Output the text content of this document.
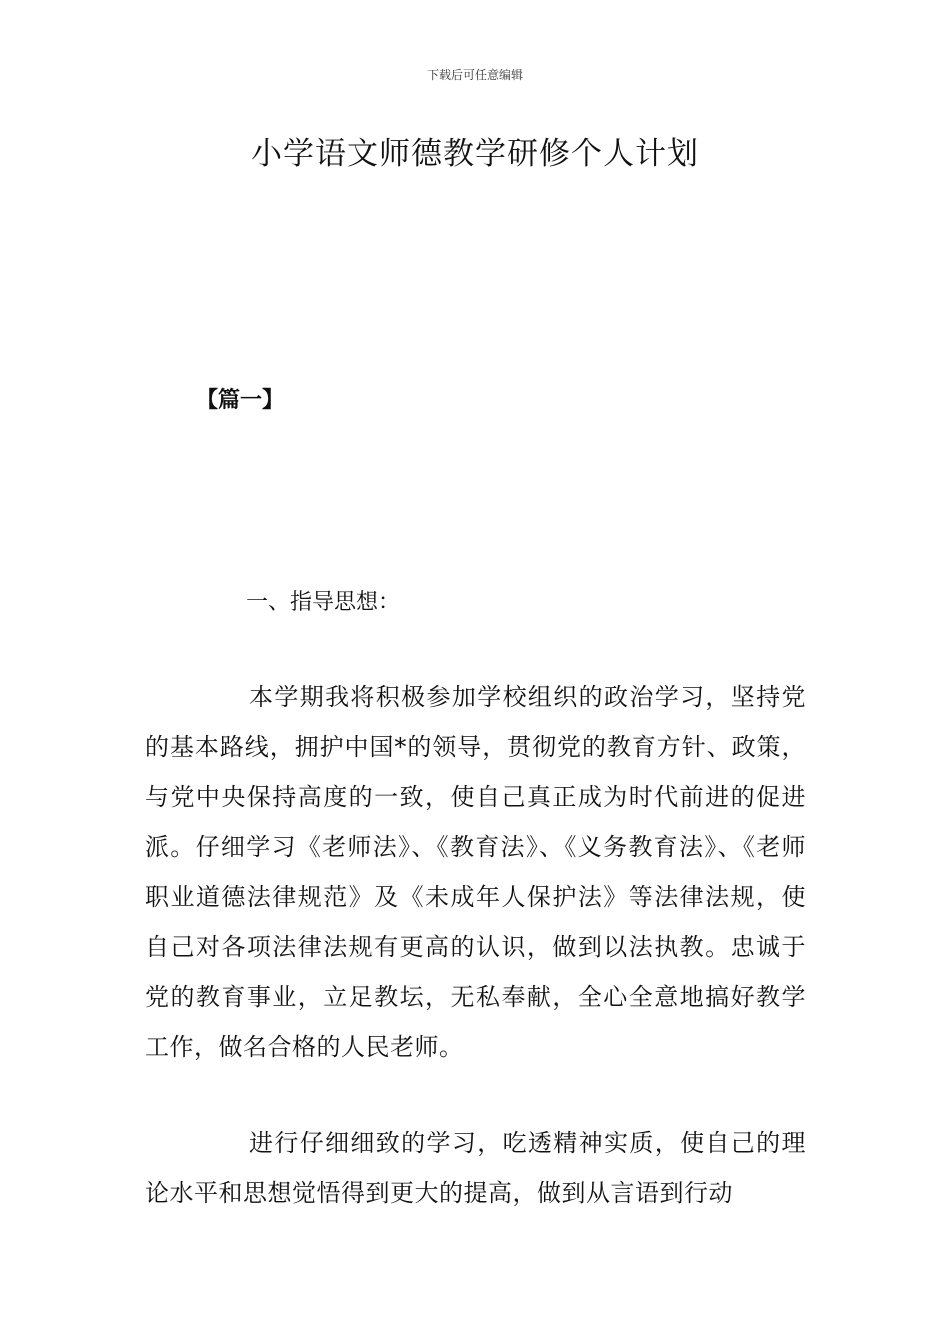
下载后可任意编辑
小学语文师德教学研修个人计划
【篇一】
一、指导思想：

本学期我将积极参加学校组织的政治学习，坚持党的基本路线，拥护中国*的领导，贯彻党的教育方针、政策，与党中央保持高度的一致，使自己真正成为时代前进的促进派。仔细学习《老师法》、《教育法》、《义务教育法》、《老师职业道德法律规范》及《未成年人保护法》等法律法规，使自己对各项法律法规有更高的认识，做到以法执教。忠诚于党的教育事业，立足教坛，无私奉献，全心全意地搞好教学工作，做名合格的人民老师。

进行仔细细致的学习，吃透精神实质，使自己的理论水平和思想觉悟得到更大的提高，做到从言语到行动
